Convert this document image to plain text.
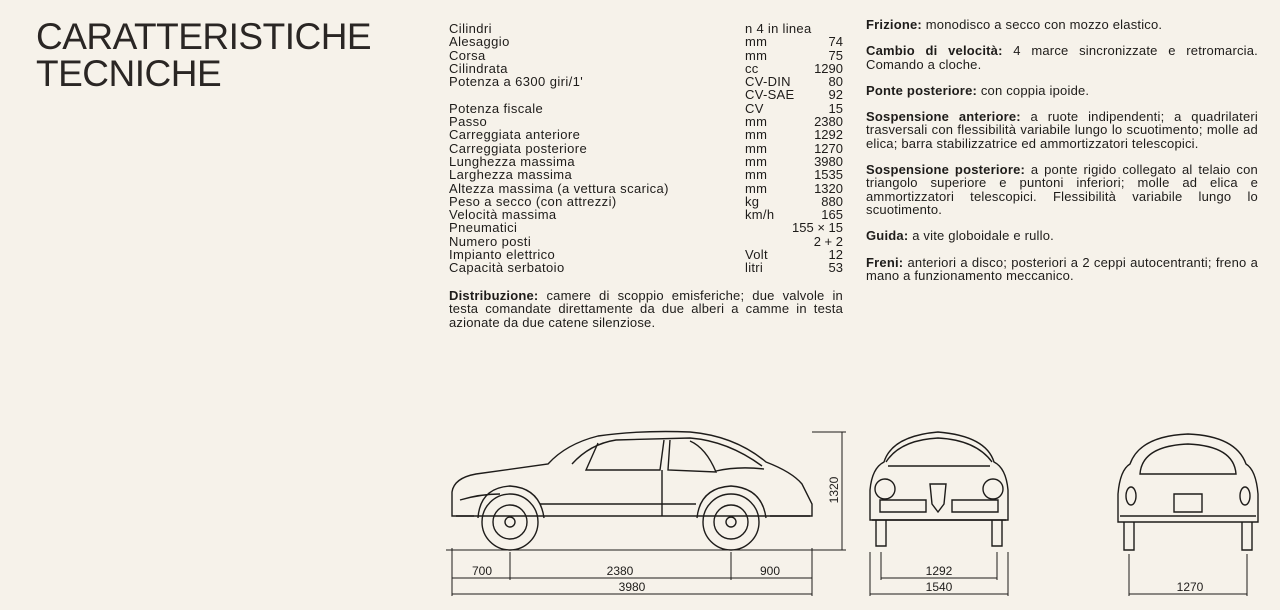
CARATTERISTICHE
TECNICHE
Cilindri	n 4 in linea
Alesaggio	mm	74
Corsa	mm	75
Cilindrata	cc	1290
Potenza a 6300 giri/1'	CV-DIN	80
CV-SAE	92
Potenza fiscale	CV	15
Passo	mm	2380
Carreggiata anteriore	mm	1292
Carreggiata posteriore	mm	1270
Lunghezza massima	mm	3980
Larghezza massima	mm	1535
Altezza massima (a vettura scarica)	mm	1320
Peso a secco (con attrezzi)	kg	880
Velocità massima	km/h	165
Pneumatici	155 × 15
Numero posti	2 + 2
Impianto elettrico	Volt	12
Capacità serbatoio	litri	53
Distribuzione: camere di scoppio emisferiche; due valvole in testa comandate direttamente da due alberi a camme in testa azionate da due catene silenziose.
Frizione: monodisco a secco con mozzo elastico.
Cambio di velocità: 4 marce sincronizzate e retromarcia. Comando a cloche.
Ponte posteriore: con coppia ipoide.
Sospensione anteriore: a ruote indipendenti; a quadrilateri trasversali con flessibilità variabile lungo lo scuotimento; molle ad elica; barra stabilizzatrice ed ammortizzatori telescopici.
Sospensione posteriore: a ponte rigido collegato al telaio con triangolo superiore e puntoni inferiori; molle ad elica e ammortizzatori telescopici. Flessibilità variabile lungo lo scuotimento.
Guida: a vite globoidale e rullo.
Freni: anteriori a disco; posteriori a 2 ceppi autocentranti; freno a mano a funzionamento meccanico.
700	2380	900
3980
1320
1292
1540	1270
